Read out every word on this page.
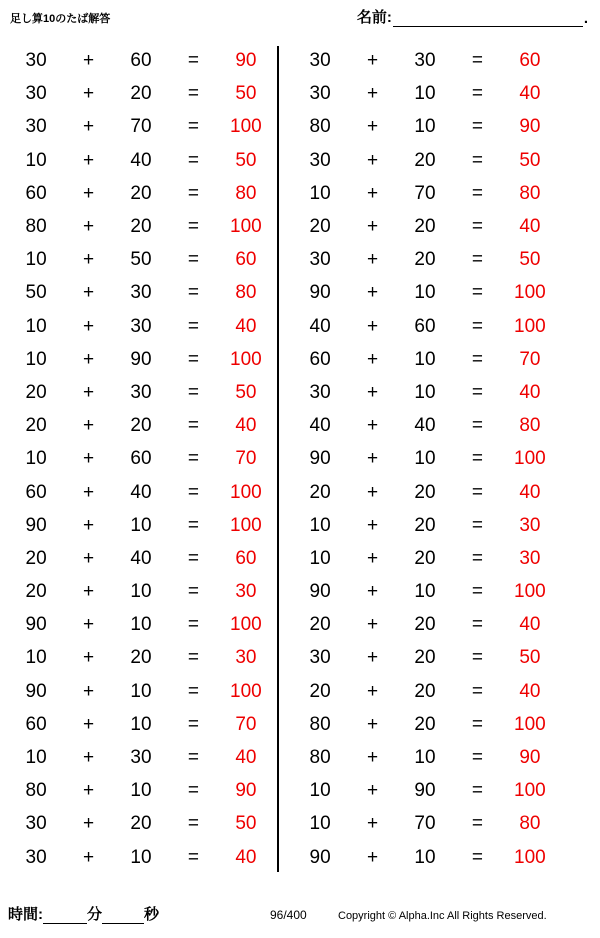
足し算10のたば解答	名前:	.
30	+	60	=	90
30	+	20	=	50
30	+	70	=	100
10	+	40	=	50
60	+	20	=	80
80	+	20	=	100
10	+	50	=	60
50	+	30	=	80
10	+	30	=	40
10	+	90	=	100
20	+	30	=	50
20	+	20	=	40
10	+	60	=	70
60	+	40	=	100
90	+	10	=	100
20	+	40	=	60
20	+	10	=	30
90	+	10	=	100
10	+	20	=	30
90	+	10	=	100
60	+	10	=	70
10	+	30	=	40
80	+	10	=	90
30	+	20	=	50
30	+	10	=	40
30	+	30	=	60
30	+	10	=	40
80	+	10	=	90
30	+	20	=	50
10	+	70	=	80
20	+	20	=	40
30	+	20	=	50
90	+	10	=	100
40	+	60	=	100
60	+	10	=	70
30	+	10	=	40
40	+	40	=	80
90	+	10	=	100
20	+	20	=	40
10	+	20	=	30
10	+	20	=	30
90	+	10	=	100
20	+	20	=	40
30	+	20	=	50
20	+	20	=	40
80	+	20	=	100
80	+	10	=	90
10	+	90	=	100
10	+	70	=	80
90	+	10	=	100
時間:	分	秒	96/400	Copyright © Alpha.Inc All Rights Reserved.
